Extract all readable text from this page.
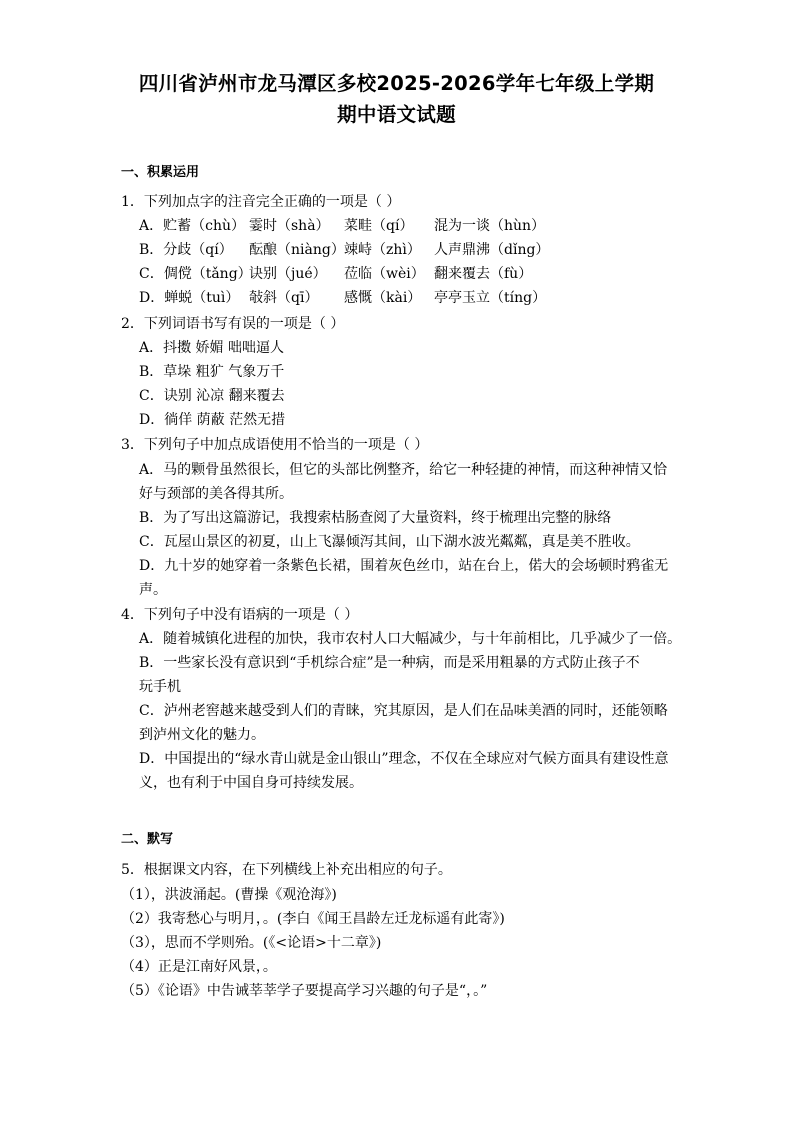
四川省泸州市龙马潭区多校2025-2026学年七年级上学期
期中语文试题
一、积累运用
1．下列加点字的注音完全正确的一项是（ ）
A．贮蓄（chù） 霎时（shà） 菜畦（qí） 混为一谈（hùn）
B．分歧（qí） 酝酿（niàng）竦峙（zhì） 人声鼎沸（dǐng）
C．倜傥（tǎng）诀别（jué） 莅临（wèi） 翻来覆去（fù）
D．蝉蜕（tuì） 敧斜（qī） 感慨（kài） 亭亭玉立（tíng）
2．下列词语书写有误的一项是（ ）
A．抖擞 娇媚 咄咄逼人
B．草垛 粗犷 气象万千
C．诀别 沁凉 翻来覆去
D．徜佯 荫蔽 茫然无措
3．下列句子中加点成语使用不恰当的一项是（ ）
A．马的颗骨虽然很长，但它的头部比例整齐，给它一种轻捷的神情，而这种神情又恰
好与颈部的美各得其所。
B．为了写出这篇游记，我搜索枯肠查阅了大量资料，终于梳理出完整的脉络
C．瓦屋山景区的初夏，山上飞瀑倾泻其间，山下湖水波光粼粼，真是美不胜收。
D．九十岁的她穿着一条紫色长裙，围着灰色丝巾，站在台上，偌大的会场顿时鸦雀无
声。
4．下列句子中没有语病的一项是（ ）
A．随着城镇化进程的加快，我市农村人口大幅减少，与十年前相比，几乎减少了一倍。
B．一些家长没有意识到“手机综合症”是一种病，而是采用粗暴的方式防止孩子不
玩手机
C．泸州老窖越来越受到人们的青睐，究其原因，是人们在品味美酒的同时，还能领略
到泸州文化的魅力。
D．中国提出的“绿水青山就是金山银山”理念，不仅在全球应对气候方面具有建设性意
义，也有利于中国自身可持续发展。
二、默写
5．根据课文内容，在下列横线上补充出相应的句子。
（1），洪波涌起。(曹操《观沧海》)
（2）我寄愁心与明月，。(李白《闻王昌龄左迁龙标遥有此寄》)
（3），思而不学则殆。(《<论语>十二章》)
（4）正是江南好风景，。
（5）《论语》中告诫莘莘学子要提高学习兴趣的句子是“，。”
